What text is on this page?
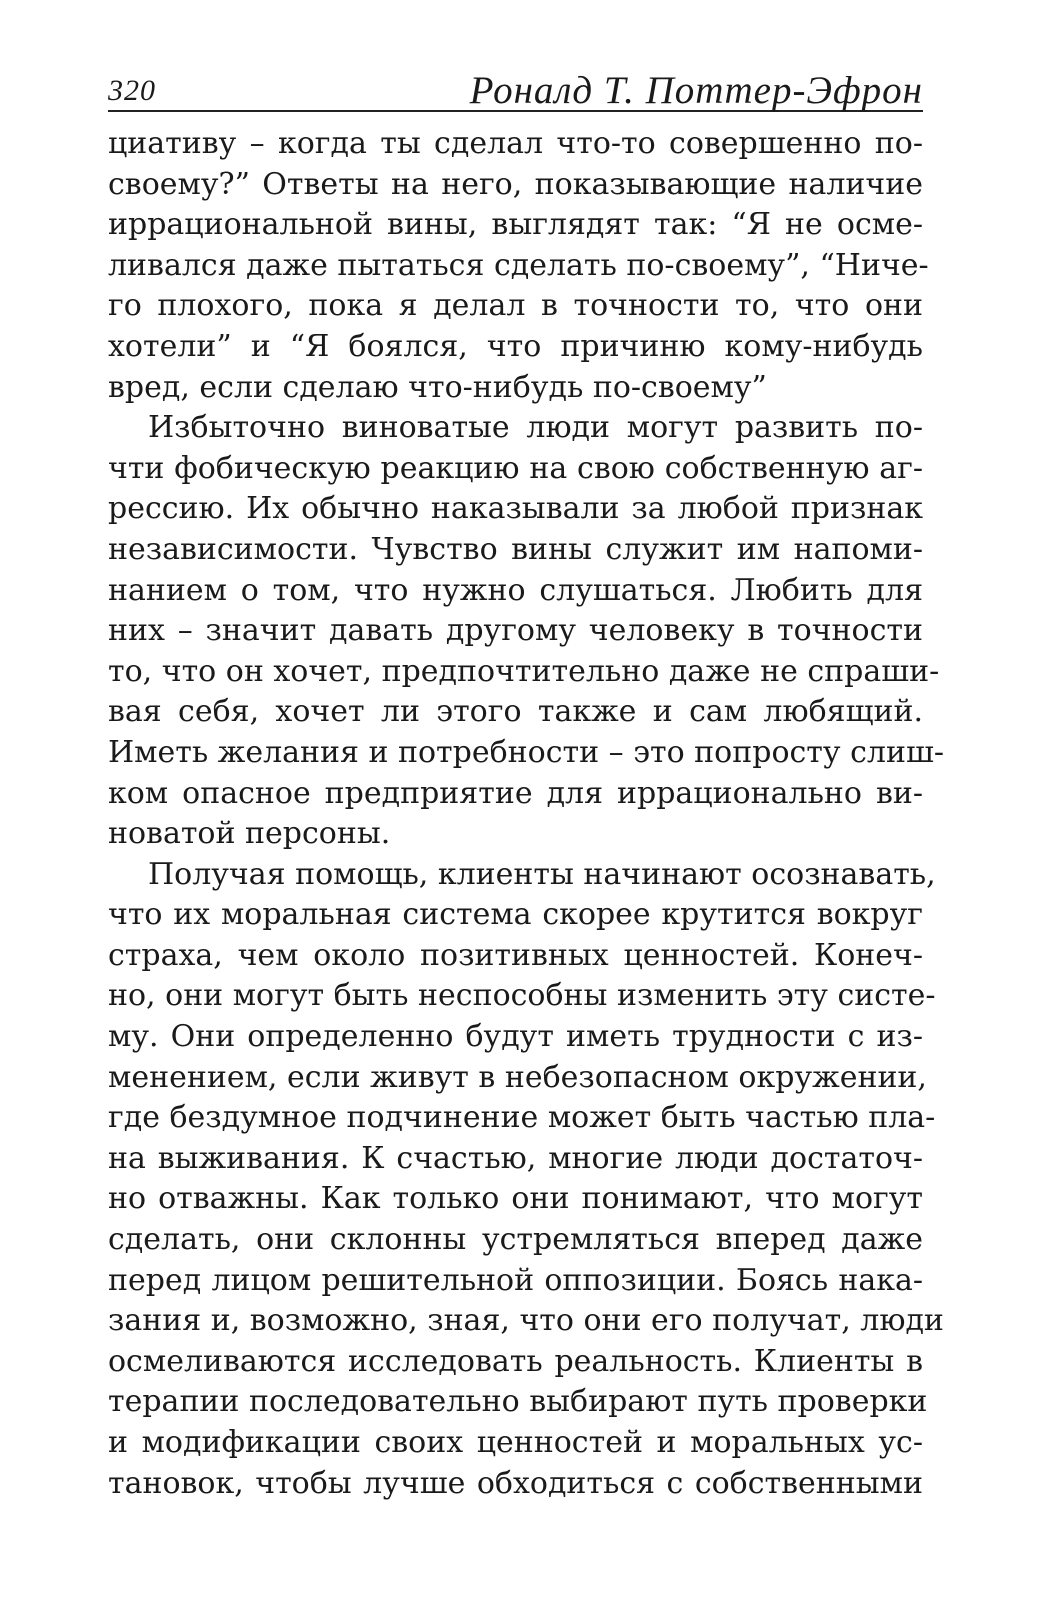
320	Роналд Т. Поттер-Эфрон
циативу – когда ты сделал что-то совершенно по-
своему?” Ответы на него, показывающие наличие
иррациональной вины, выглядят так: “Я не осме-
ливался даже пытаться сделать по-своему”, “Ниче-
го плохого, пока я делал в точности то, что они
хотели” и “Я боялся, что причиню кому-нибудь
вред, если сделаю что-нибудь по-своему”
Избыточно виноватые люди могут развить по-
чти фобическую реакцию на свою собственную аг-
рессию. Их обычно наказывали за любой признак
независимости. Чувство вины служит им напоми-
нанием о том, что нужно слушаться. Любить для
них – значит давать другому человеку в точности
то, что он хочет, предпочтительно даже не спраши-
вая себя, хочет ли этого также и сам любящий.
Иметь желания и потребности – это попросту слиш-
ком опасное предприятие для иррационально ви-
новатой персоны.
Получая помощь, клиенты начинают осознавать,
что их моральная система скорее крутится вокруг
страха, чем около позитивных ценностей. Конеч-
но, они могут быть неспособны изменить эту систе-
му. Они определенно будут иметь трудности с из-
менением, если живут в небезопасном окружении,
где бездумное подчинение может быть частью пла-
на выживания. К счастью, многие люди достаточ-
но отважны. Как только они понимают, что могут
сделать, они склонны устремляться вперед даже
перед лицом решительной оппозиции. Боясь нака-
зания и, возможно, зная, что они его получат, люди
осмеливаются исследовать реальность. Клиенты в
терапии последовательно выбирают путь проверки
и модификации своих ценностей и моральных ус-
тановок, чтобы лучше обходиться с собственными
